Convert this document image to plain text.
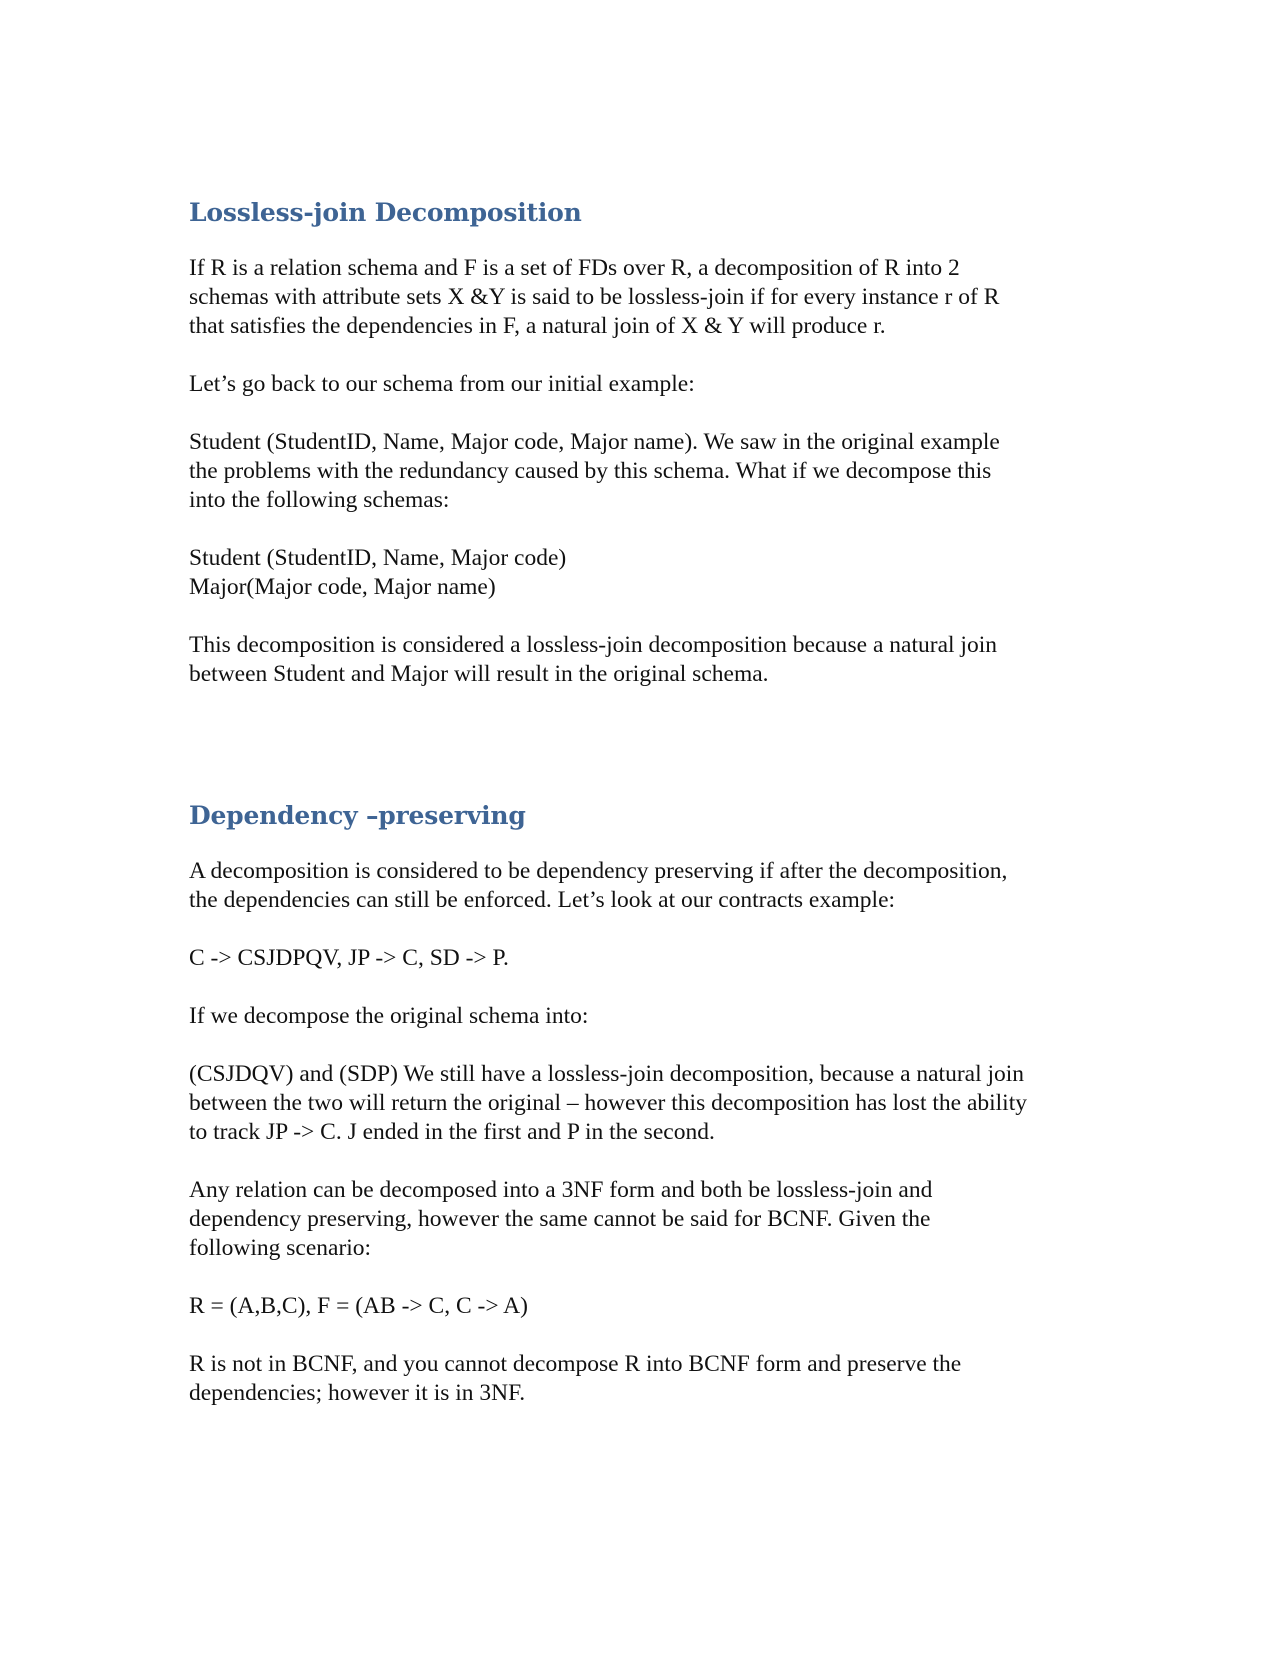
Lossless-join Decomposition

If R is a relation schema and F is a set of FDs over R, a decomposition of R into 2
schemas with attribute sets X &Y is said to be lossless-join if for every instance r of R
that satisfies the dependencies in F, a natural join of X & Y will produce r.

Let’s go back to our schema from our initial example:

Student (StudentID, Name, Major code, Major name). We saw in the original example
the problems with the redundancy caused by this schema. What if we decompose this
into the following schemas:

Student (StudentID, Name, Major code)
Major(Major code, Major name)

This decomposition is considered a lossless-join decomposition because a natural join
between Student and Major will result in the original schema.

Dependency –preserving

A decomposition is considered to be dependency preserving if after the decomposition,
the dependencies can still be enforced. Let’s look at our contracts example:

C -> CSJDPQV, JP -> C, SD -> P.

If we decompose the original schema into:

(CSJDQV) and (SDP) We still have a lossless-join decomposition, because a natural join
between the two will return the original – however this decomposition has lost the ability
to track JP -> C. J ended in the first and P in the second.

Any relation can be decomposed into a 3NF form and both be lossless-join and
dependency preserving, however the same cannot be said for BCNF. Given the
following scenario:

R = (A,B,C), F = (AB -> C, C -> A)

R is not in BCNF, and you cannot decompose R into BCNF form and preserve the
dependencies; however it is in 3NF.
